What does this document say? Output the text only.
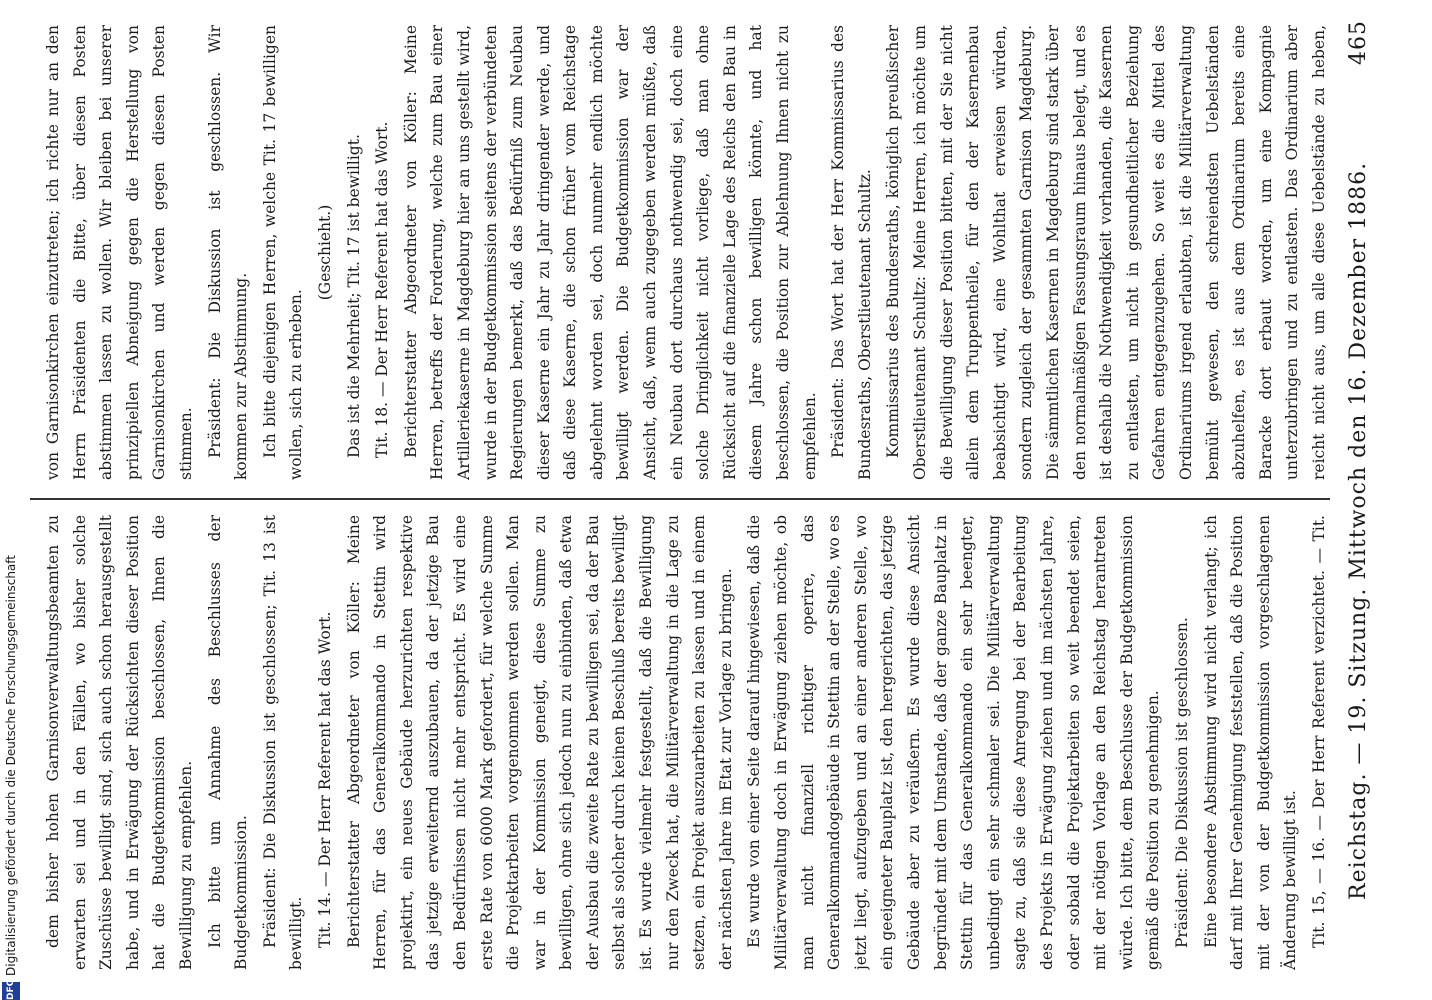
Reichstag. — 19. Sitzung. Mittwoch den 16. Dezember 1886.
465

dem bisher hohen Garnisonverwaltungsbeamten zu erwarten sei und in den Fällen, wo bisher solche Zuschüsse bewilligt sind, sich auch schon herausgestellt habe, und in Erwägung der Rücksichten dieser Position hat die Budgetkommission beschlossen, Ihnen die Bewilligung zu empfehlen. Ich bitte um Annahme des Beschlusses der Budgetkommission. Präsident: Die Diskussion ist geschlossen; Tit. 13 ist bewilligt. Tit. 14. — Der Herr Referent hat das Wort. Berichterstatter Abgeordneter von Köller: Meine Herren, für das Generalkommando in Stettin wird projektirt, ein neues Gebäude herzurichten respektive das jetzige erweiternd auszubauen, da der jetzige Bau den Bedürfnissen nicht mehr entspricht. Es wird eine erste Rate von 6000 Mark gefordert, für welche Summe die Projektarbeiten vorgenommen werden sollen. Man war in der Kommission geneigt, diese Summe zu bewilligen, ohne sich jedoch nun zu einbinden, daß etwa der Ausbau die zweite Rate zu bewilligen sei, da der Bau selbst als solcher durch keinen Beschluß bereits bewilligt ist. Es wurde vielmehr festgestellt, daß die Bewilligung nur den Zweck hat, die Militärverwaltung in die Lage zu setzen, ein Projekt auszuarbeiten zu lassen und in einem der nächsten Jahre im Etat zur Vorlage zu bringen. Es wurde von einer Seite darauf hingewiesen, daß die Militärverwaltung doch in Erwägung ziehen möchte, ob man nicht finanziell richtiger operire, das Generalkommandogebäude in Stettin an der Stelle, wo es jetzt liegt, aufzugeben und an einer anderen Stelle, wo ein geeigneter Bauplatz ist, den hergerichten, das jetzige Gebäude aber zu veräußern. Es wurde diese Ansicht begründet mit dem Umstande, daß der ganze Bauplatz in Stettin für das Generalkommando ein sehr beengter, unbedingt ein sehr schmaler sei. Die Militärverwaltung sagte zu, daß sie diese Anregung bei der Bearbeitung des Projekts in Erwägung ziehen und im nächsten Jahre, oder sobald die Projektarbeiten so weit beendet seien, mit der nötigen Vorlage an den Reichstag herantreten würde. Ich bitte, dem Beschlusse der Budgetkommission gemäß die Position zu genehmigen. Präsident: Die Diskussion ist geschlossen. Eine besondere Abstimmung wird nicht verlangt; ich darf mit Ihrer Genehmigung feststellen, daß die Position mit der von der Budgetkommission vorgeschlagenen Änderung bewilligt ist. Tit. 15, — 16. — Der Herr Referent verzichtet. — Tit.

von Garnisonkirchen einzutreten; ich richte nur an den Herrn Präsidenten die Bitte, über diesen Posten abstimmen lassen zu wollen. Wir bleiben bei unserer prinzipiellen Abneigung gegen die Herstellung von Garnisonkirchen und werden gegen diesen Posten stimmen. Präsident: Die Diskussion ist geschlossen. Wir kommen zur Abstimmung. Ich bitte diejenigen Herren, welche Tit. 17 bewilligen wollen, sich zu erheben.

(Geschieht.) Das ist die Mehrheit; Tit. 17 ist bewilligt. Tit. 18. — Der Herr Referent hat das Wort. Berichterstatter Abgeordneter von Köller: Meine Herren, betreffs der Forderung, welche zum Bau einer Artilleriekaserne in Magdeburg hier an uns gestellt wird, wurde in der Budgetkommission seitens der verbündeten Regierungen bemerkt, daß das Bedürfniß zum Neubau dieser Kaserne ein Jahr zu Jahr dringender werde, und daß diese Kaserne, die schon früher vom Reichstage abgelehnt worden sei, doch nunmehr endlich möchte bewilligt werden. Die Budgetkommission war der Ansicht, daß, wenn auch zugegeben werden müßte, daß ein Neubau dort durchaus nothwendig sei, doch eine solche Dringlichkeit nicht vorliege, daß man ohne Rücksicht auf die finanzielle Lage des Reichs den Bau in diesem Jahre schon bewilligen könnte, und hat beschlossen, die Position zur Ablehnung Ihnen nicht zu empfehlen. Präsident: Das Wort hat der Herr Kommissarius des Bundesraths, Oberstlieutenant Schultz. Kommissarius des Bundesraths, königlich preußischer Oberstlieutenant Schultz: Meine Herren, ich möchte um die Bewilligung dieser Position bitten, mit der Sie nicht allein dem Truppentheile, für den der Kasernenbau beabsichtigt wird, eine Wohlthat erweisen würden, sondern zugleich der gesammten Garnison Magdeburg. Die sämmtlichen Kasernen in Magdeburg sind stark über den normalmäßigen Fassungsraum hinaus belegt, und es ist deshalb die Nothwendigkeit vorhanden, die Kasernen zu entlasten, um nicht in gesundheitlicher Beziehung Gefahren entgegenzugehen. So weit es die Mittel des Ordinariums irgend erlaubten, ist die Militärverwaltung bemüht gewesen, den schreiendsten Uebelständen abzuhelfen, es ist aus dem Ordinarium bereits eine Baracke dort erbaut worden, um eine Kompagnie unterzubringen und zu entlasten. Das Ordinarium aber reicht nicht aus, um alle diese Uebelstände zu heben,

DFG
Digitalisierung gefördert durch die Deutsche Forschungsgemeinschaft
